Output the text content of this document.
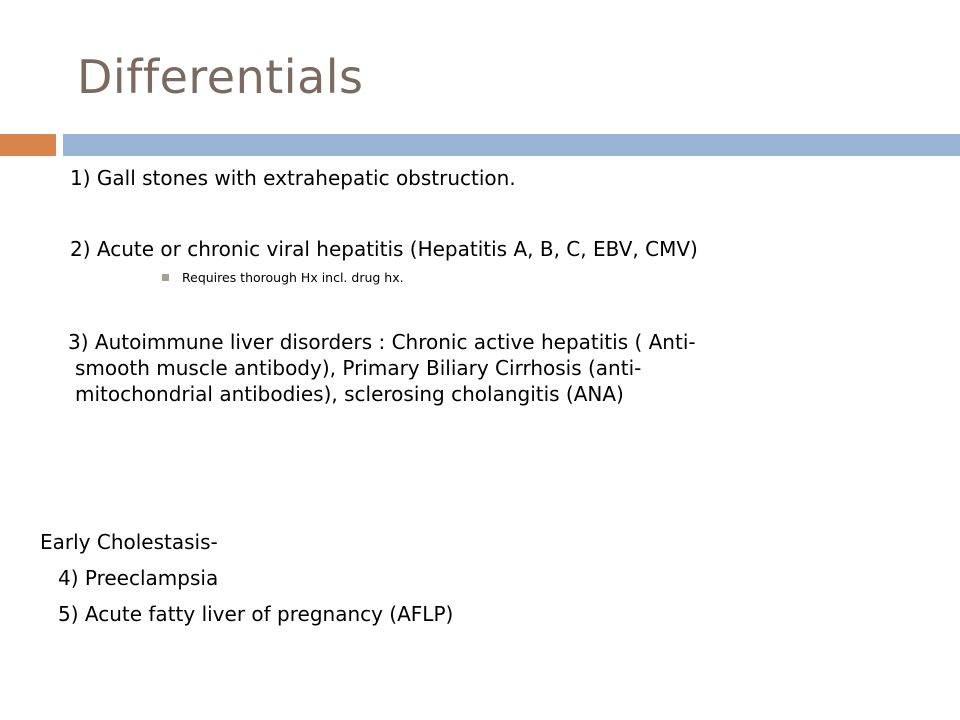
Differentials
1) Gall stones with extrahepatic obstruction.
2) Acute or chronic viral hepatitis (Hepatitis A, B, C, EBV, CMV)
Requires thorough Hx incl. drug hx.
3) Autoimmune liver disorders : Chronic active hepatitis ( Anti-
smooth muscle antibody), Primary Biliary Cirrhosis (anti-
mitochondrial antibodies), sclerosing cholangitis (ANA)
Early Cholestasis-
4) Preeclampsia
5) Acute fatty liver of pregnancy (AFLP)
